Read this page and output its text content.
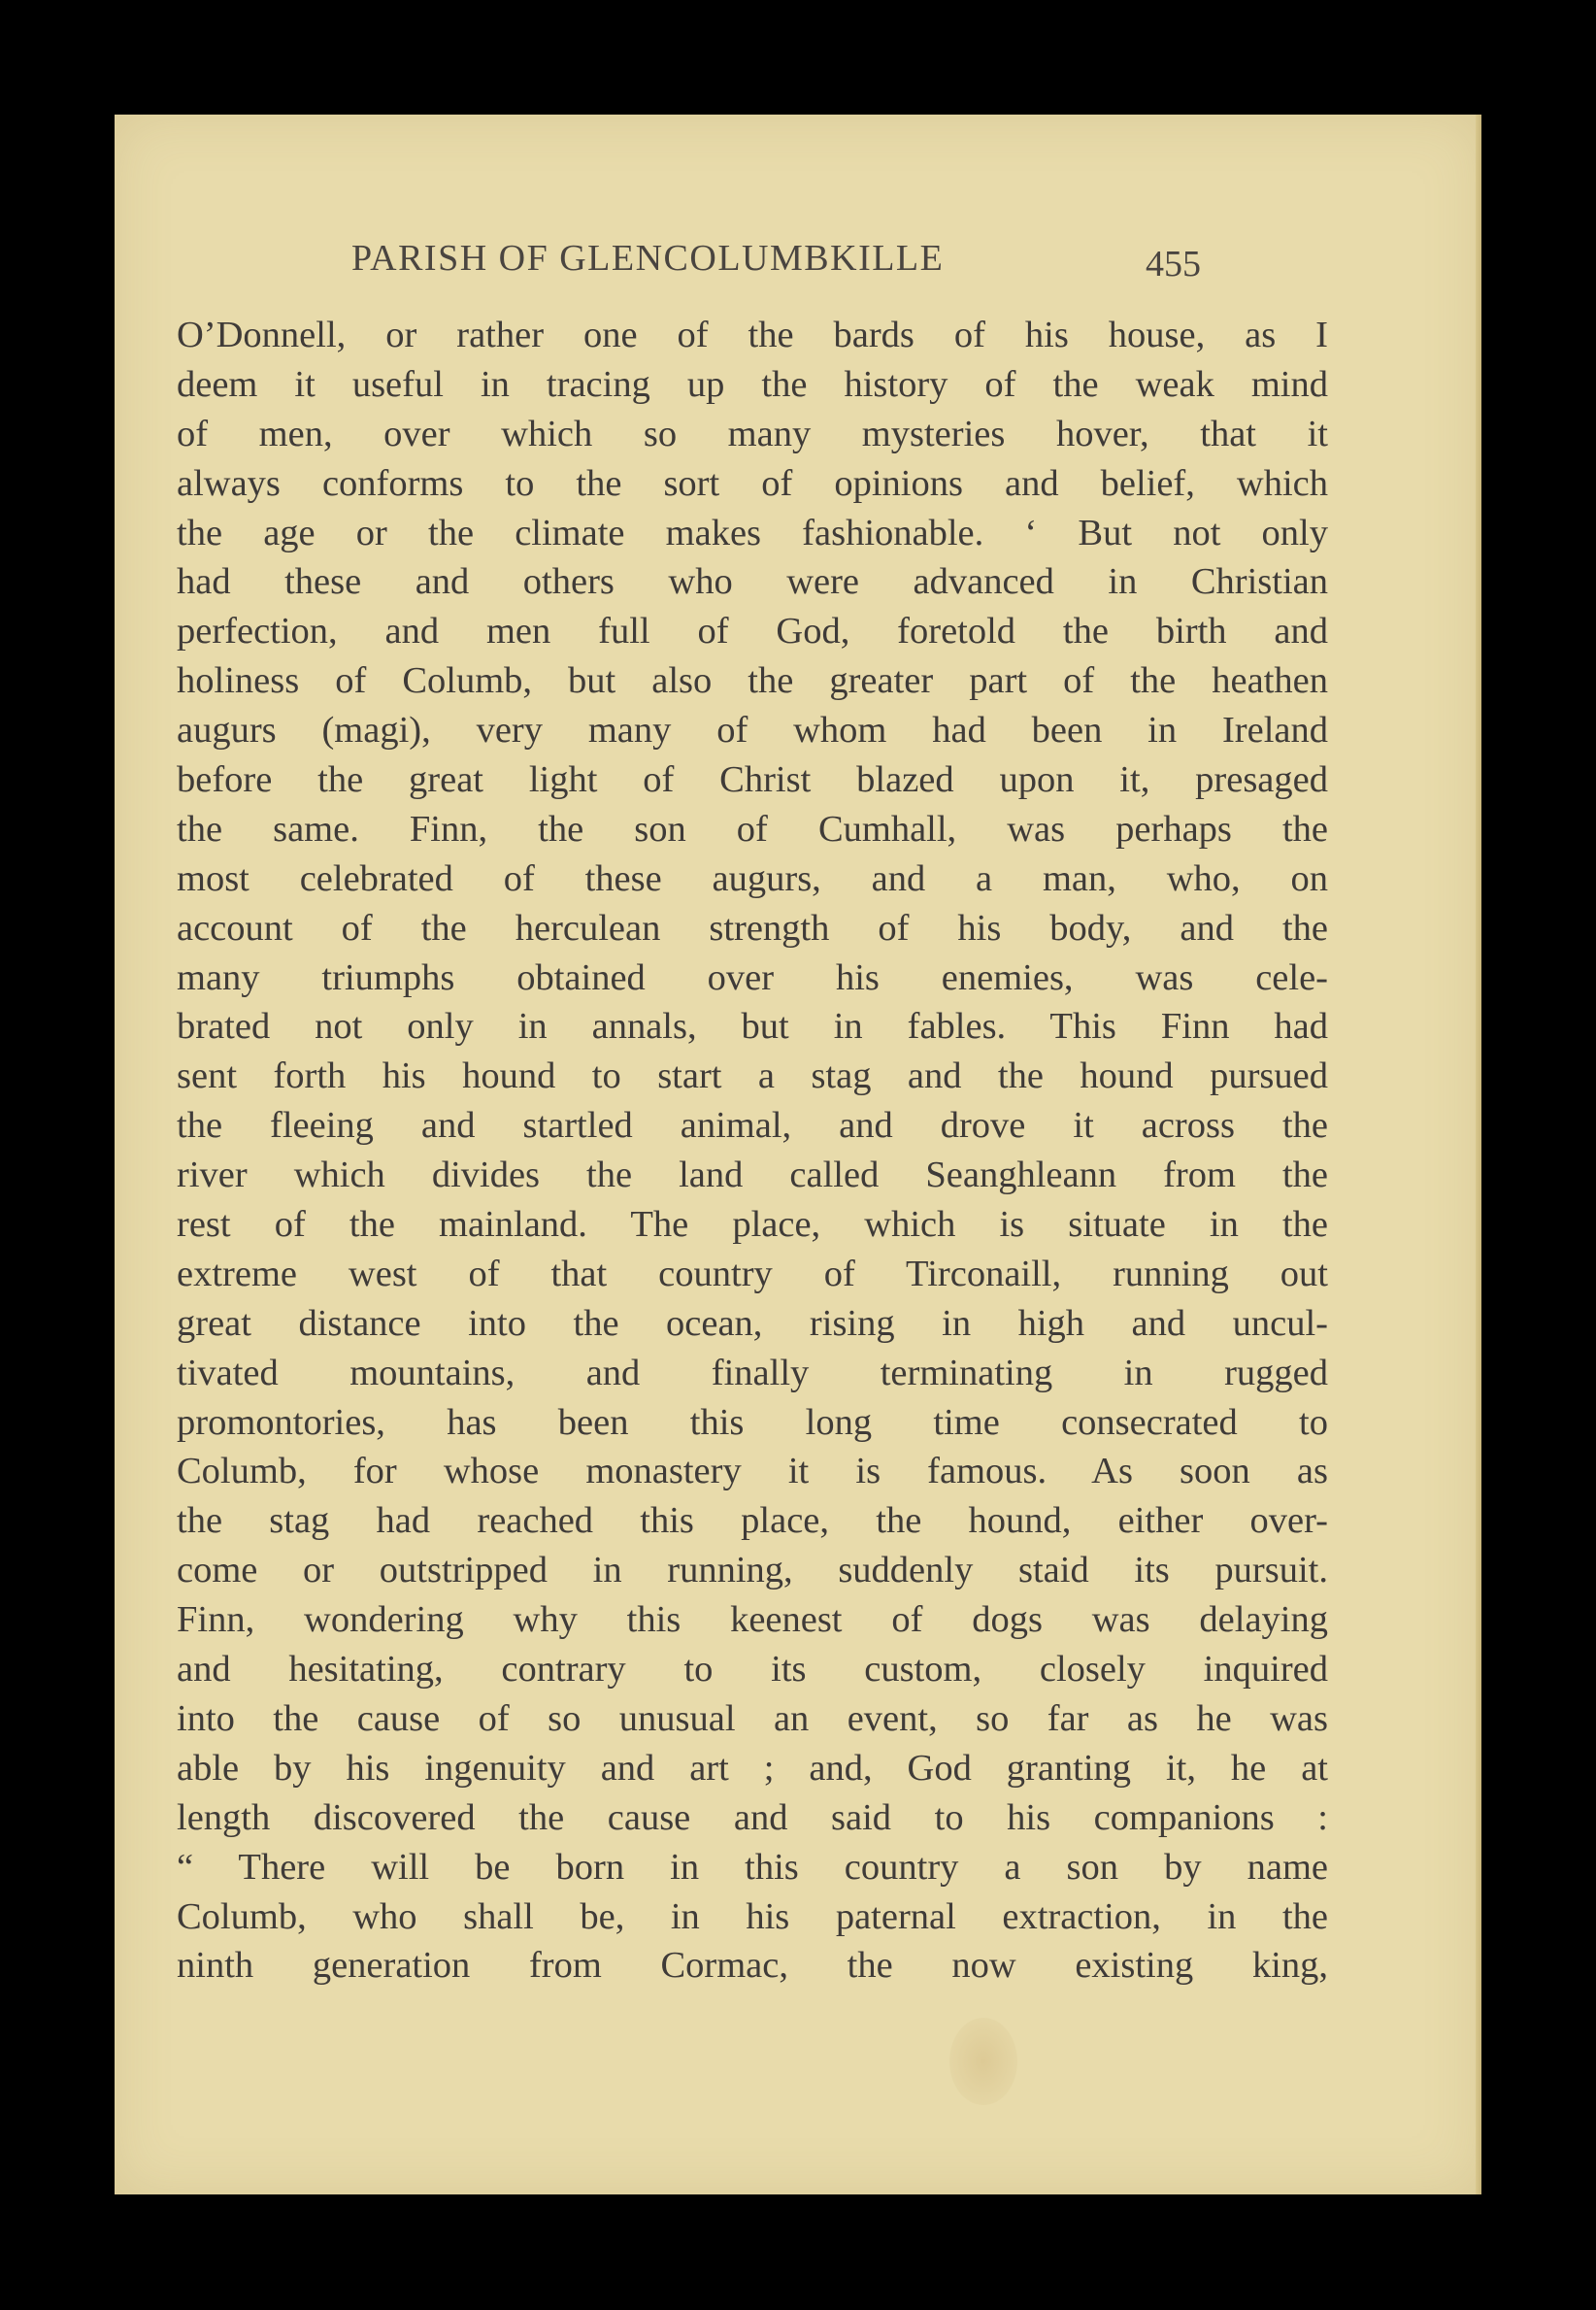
PARISH OF GLENCOLUMBKILLE	455
O’Donnell, or rather one of the bards of his house, as I
deem it useful in tracing up the history of the weak mind
of men, over which so many mysteries hover, that it
always conforms to the sort of opinions and belief, which
the age or the climate makes fashionable. ‘ But not only
had these and others who were advanced in Christian
perfection, and men full of God, foretold the birth and
holiness of Columb, but also the greater part of the heathen
augurs (magi), very many of whom had been in Ireland
before the great light of Christ blazed upon it, presaged
the same. Finn, the son of Cumhall, was perhaps the
most celebrated of these augurs, and a man, who, on
account of the herculean strength of his body, and the
many triumphs obtained over his enemies, was cele-
brated not only in annals, but in fables. This Finn had
sent forth his hound to start a stag and the hound pursued
the fleeing and startled animal, and drove it across the
river which divides the land called Seanghleann from the
rest of the mainland. The place, which is situate in the
extreme west of that country of Tirconaill, running out
great distance into the ocean, rising in high and uncul-
tivated mountains, and finally terminating in rugged
promontories, has been this long time consecrated to
Columb, for whose monastery it is famous. As soon as
the stag had reached this place, the hound, either over-
come or outstripped in running, suddenly staid its pursuit.
Finn, wondering why this keenest of dogs was delaying
and hesitating, contrary to its custom, closely inquired
into the cause of so unusual an event, so far as he was
able by his ingenuity and art ; and, God granting it, he at
length discovered the cause and said to his companions :
“ There will be born in this country a son by name
Columb, who shall be, in his paternal extraction, in the
ninth generation from Cormac, the now existing king,
